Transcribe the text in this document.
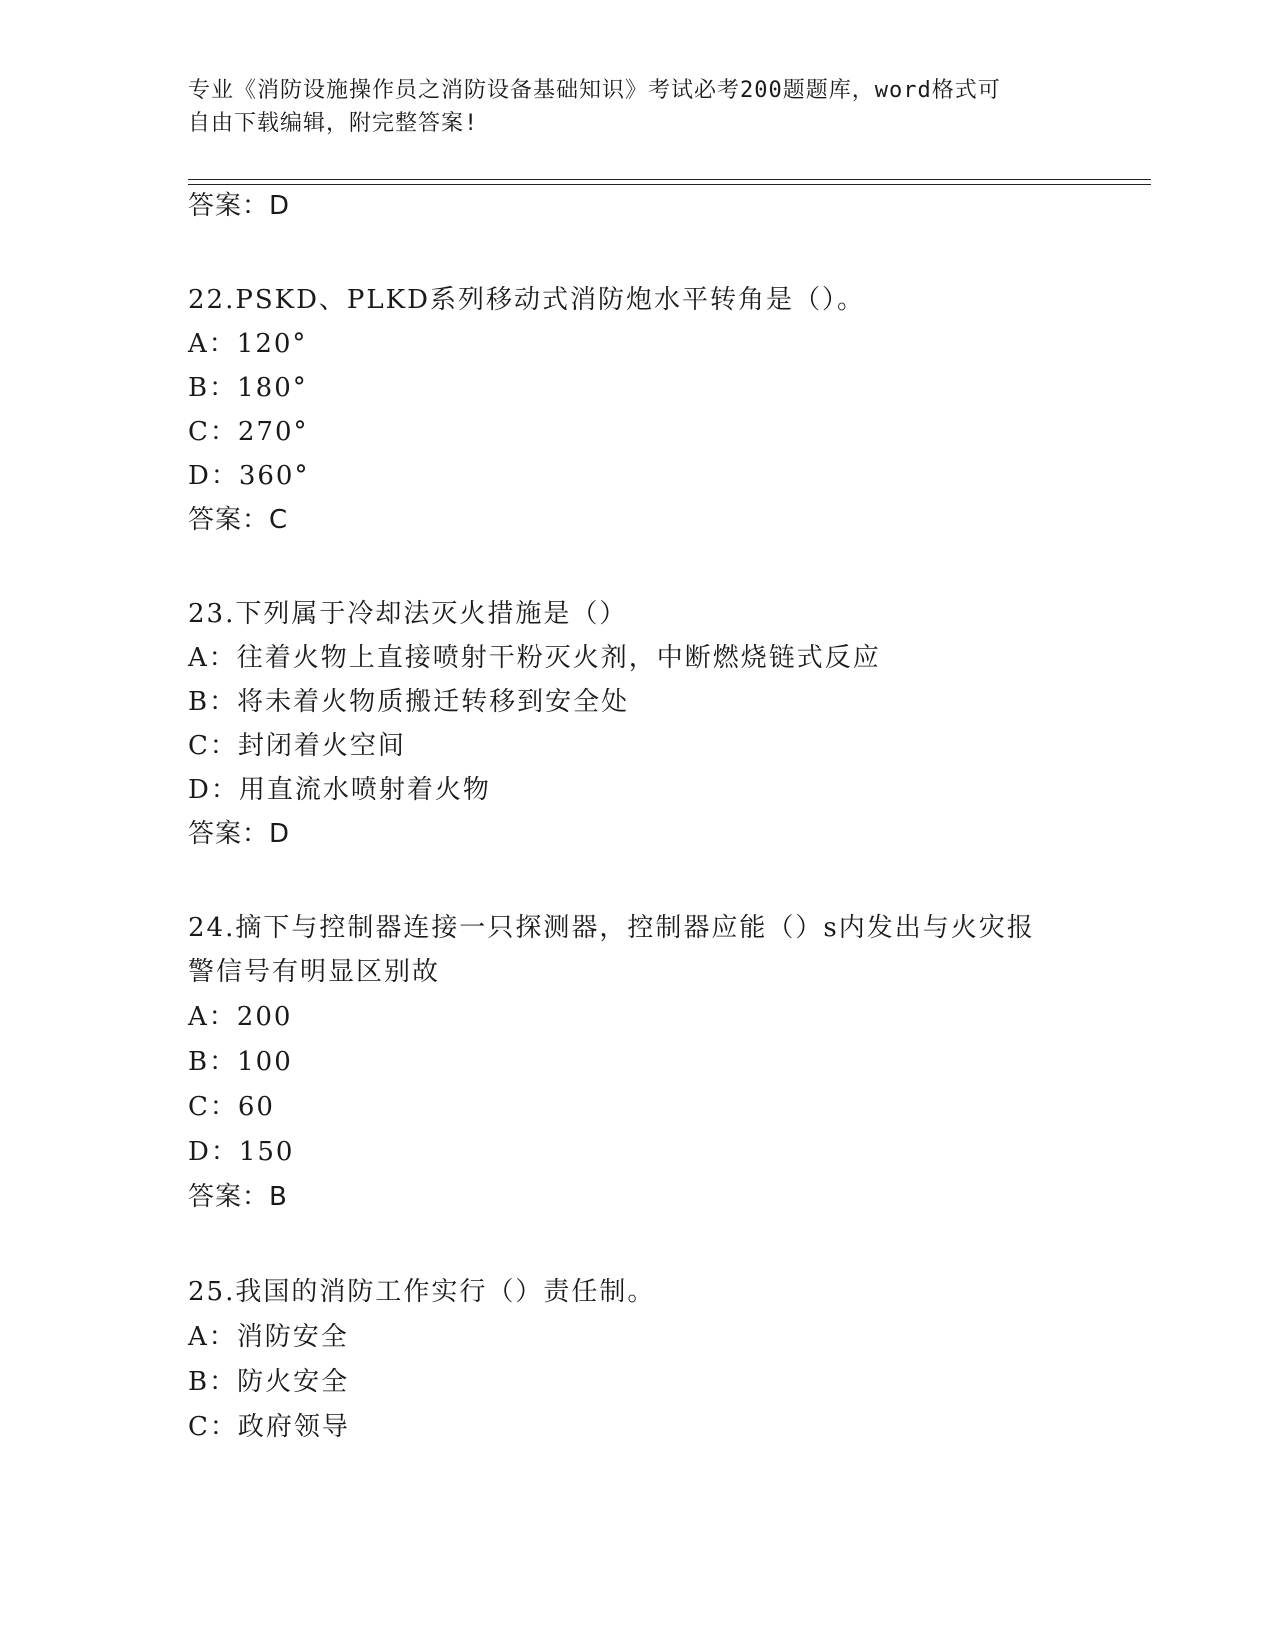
专业《消防设施操作员之消防设备基础知识》考试必考200题题库，word格式可
自由下载编辑，附完整答案!
答案：D
22.PSKD、PLKD系列移动式消防炮水平转角是（）。
A：120°
B：180°
C：270°
D：360°
答案：C
23.下列属于冷却法灭火措施是（）
A：往着火物上直接喷射干粉灭火剂，中断燃烧链式反应
B：将未着火物质搬迁转移到安全处
C：封闭着火空间
D：用直流水喷射着火物
答案：D
24.摘下与控制器连接一只探测器，控制器应能（）s内发出与火灾报
警信号有明显区别故
A：200
B：100
C：60
D：150
答案：B
25.我国的消防工作实行（）责任制。
A：消防安全
B：防火安全
C：政府领导
